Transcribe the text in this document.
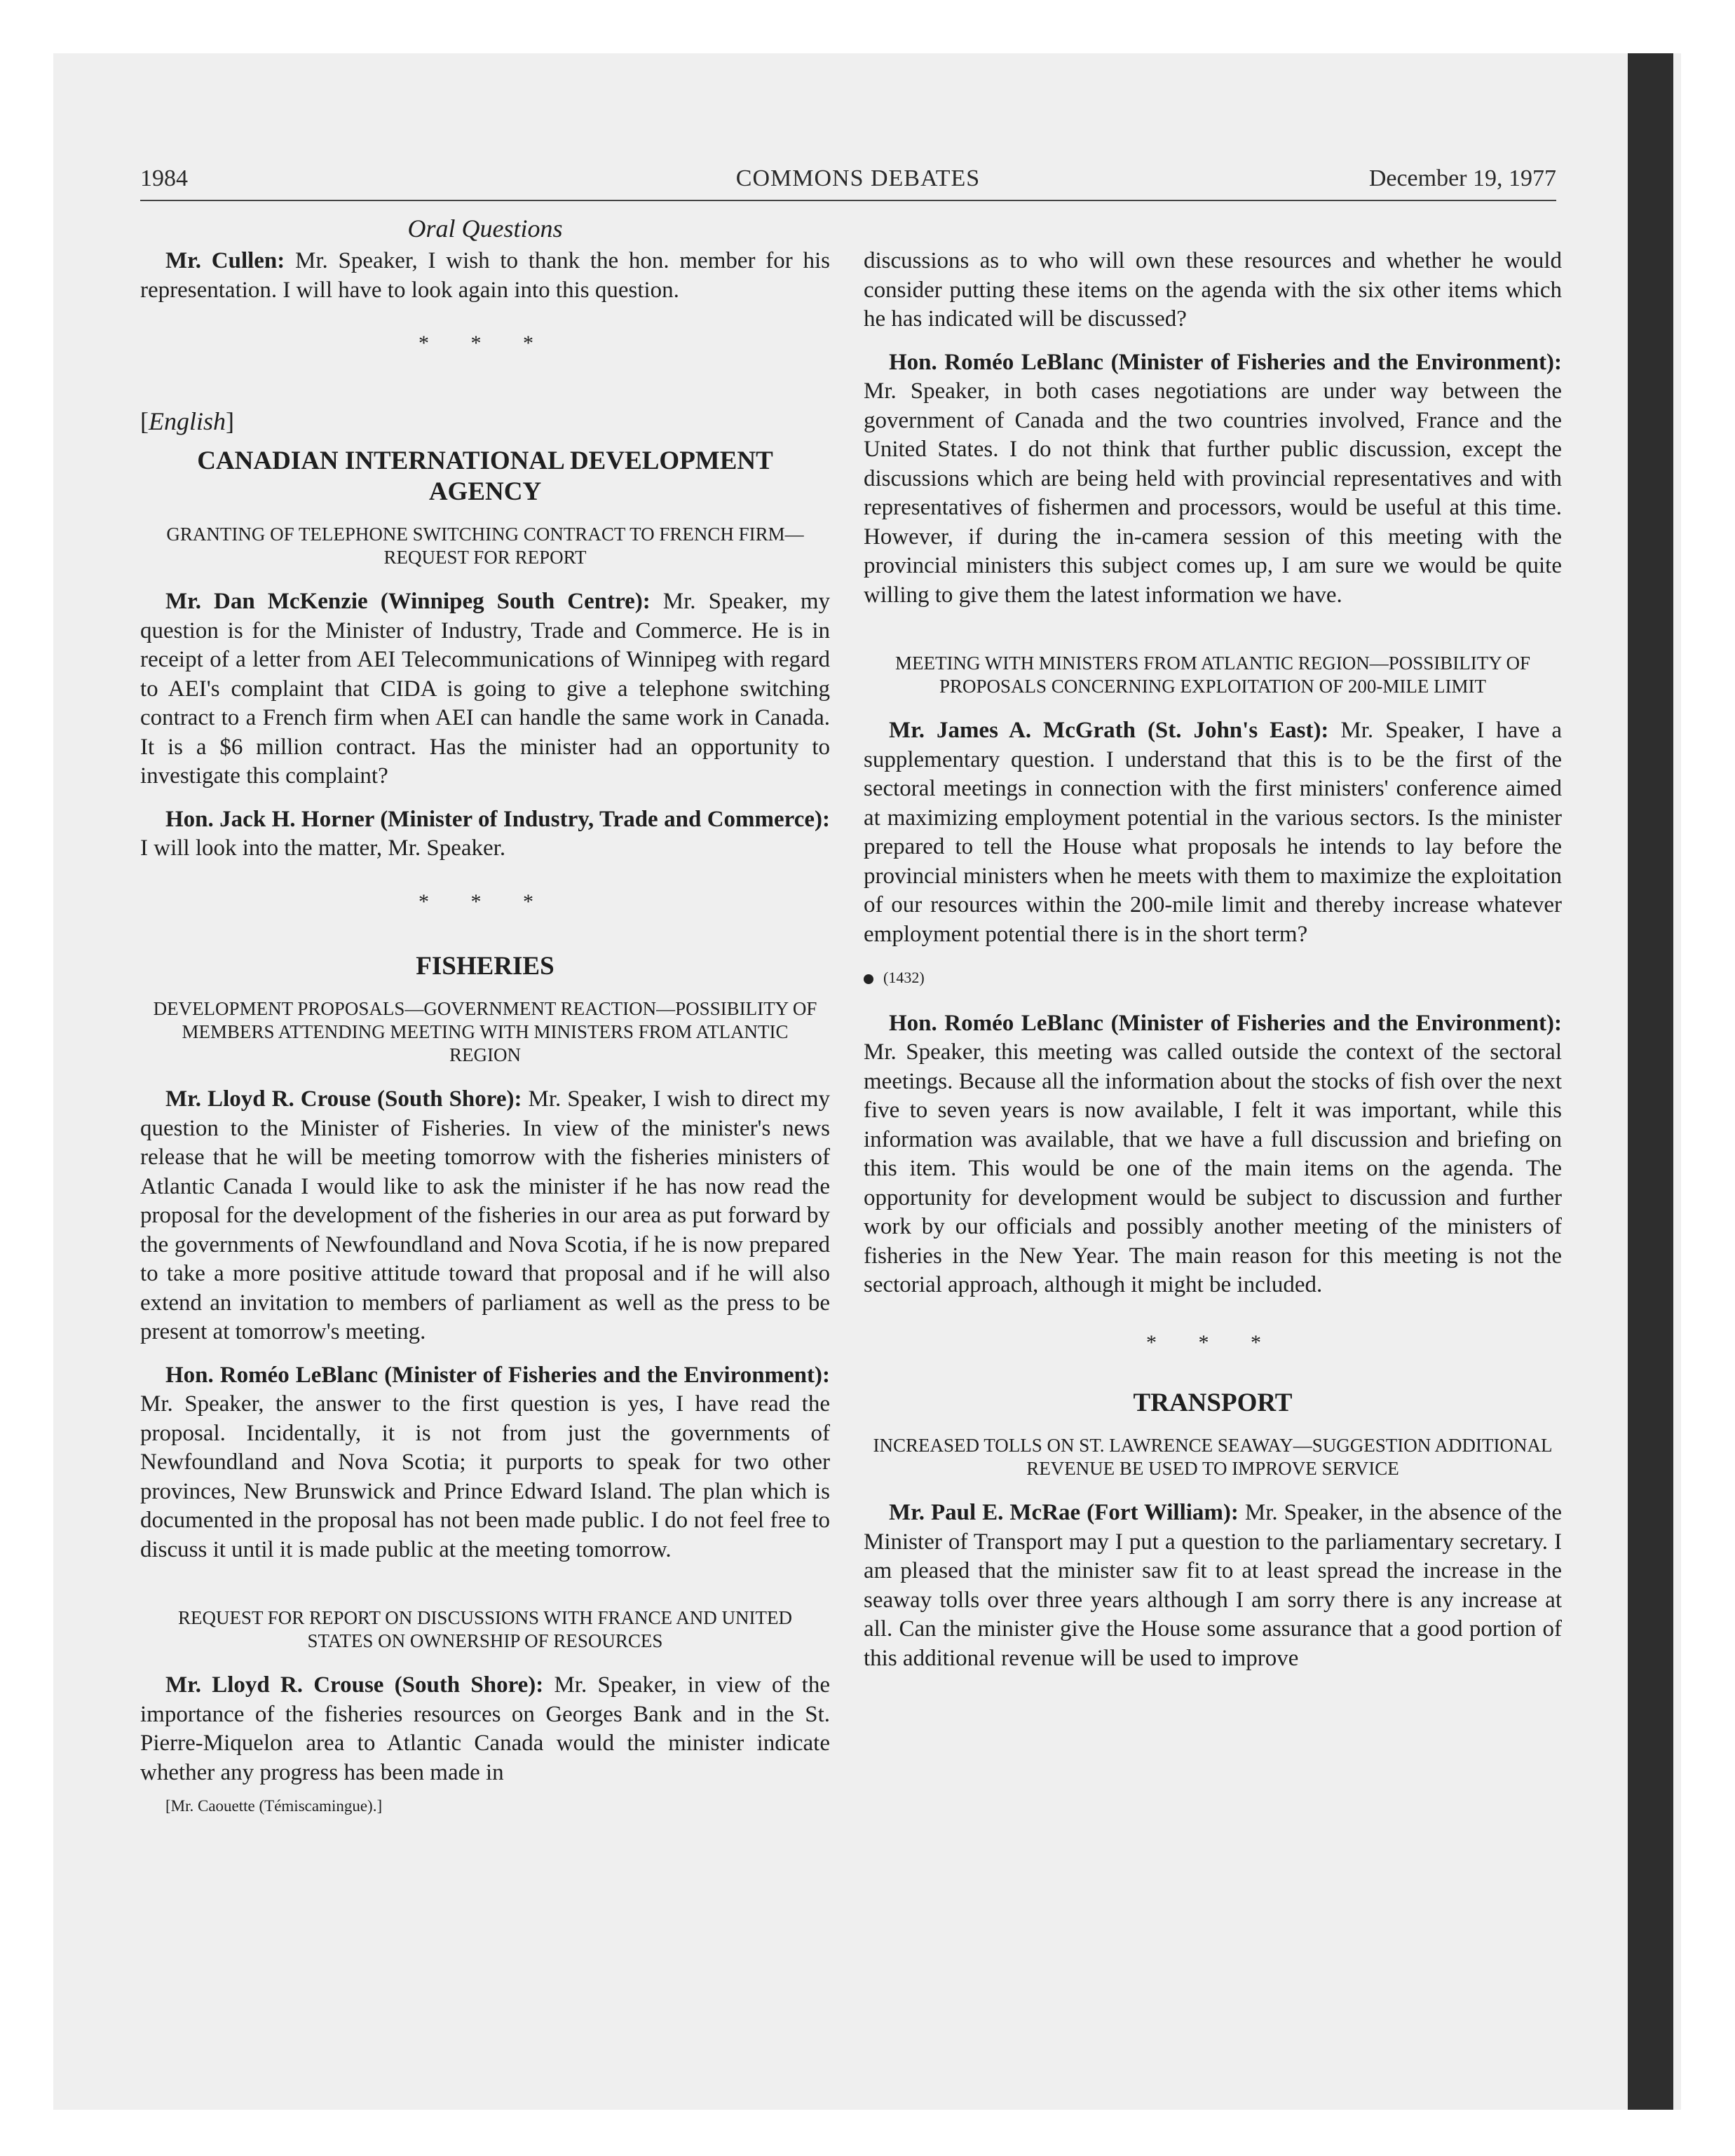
1984	COMMONS DEBATES	December 19, 1977
Oral Questions

Mr. Cullen: Mr. Speaker, I wish to thank the hon. member for his representation. I will have to look again into this question.

* * *
[English]
CANADIAN INTERNATIONAL DEVELOPMENT AGENCY
GRANTING OF TELEPHONE SWITCHING CONTRACT TO FRENCH FIRM—REQUEST FOR REPORT

Mr. Dan McKenzie (Winnipeg South Centre): Mr. Speaker, my question is for the Minister of Industry, Trade and Commerce. He is in receipt of a letter from AEI Telecommunications of Winnipeg with regard to AEI's complaint that CIDA is going to give a telephone switching contract to a French firm when AEI can handle the same work in Canada. It is a $6 million contract. Has the minister had an opportunity to investigate this complaint?

Hon. Jack H. Horner (Minister of Industry, Trade and Commerce): I will look into the matter, Mr. Speaker.

* * *
FISHERIES
DEVELOPMENT PROPOSALS—GOVERNMENT REACTION—POSSIBILITY OF MEMBERS ATTENDING MEETING WITH MINISTERS FROM ATLANTIC REGION

Mr. Lloyd R. Crouse (South Shore): Mr. Speaker, I wish to direct my question to the Minister of Fisheries. In view of the minister's news release that he will be meeting tomorrow with the fisheries ministers of Atlantic Canada I would like to ask the minister if he has now read the proposal for the development of the fisheries in our area as put forward by the governments of Newfoundland and Nova Scotia, if he is now prepared to take a more positive attitude toward that proposal and if he will also extend an invitation to members of parliament as well as the press to be present at tomorrow's meeting.

Hon. Roméo LeBlanc (Minister of Fisheries and the Environment): Mr. Speaker, the answer to the first question is yes, I have read the proposal. Incidentally, it is not from just the governments of Newfoundland and Nova Scotia; it purports to speak for two other provinces, New Brunswick and Prince Edward Island. The plan which is documented in the proposal has not been made public. I do not feel free to discuss it until it is made public at the meeting tomorrow.

REQUEST FOR REPORT ON DISCUSSIONS WITH FRANCE AND UNITED STATES ON OWNERSHIP OF RESOURCES

Mr. Lloyd R. Crouse (South Shore): Mr. Speaker, in view of the importance of the fisheries resources on Georges Bank and in the St. Pierre-Miquelon area to Atlantic Canada would the minister indicate whether any progress has been made in

[Mr. Caouette (Témiscamingue).]

discussions as to who will own these resources and whether he would consider putting these items on the agenda with the six other items which he has indicated will be discussed?

Hon. Roméo LeBlanc (Minister of Fisheries and the Environment): Mr. Speaker, in both cases negotiations are under way between the government of Canada and the two countries involved, France and the United States. I do not think that further public discussion, except the discussions which are being held with provincial representatives and with representatives of fishermen and processors, would be useful at this time. However, if during the in-camera session of this meeting with the provincial ministers this subject comes up, I am sure we would be quite willing to give them the latest information we have.

MEETING WITH MINISTERS FROM ATLANTIC REGION—POSSIBILITY OF PROPOSALS CONCERNING EXPLOITATION OF 200-MILE LIMIT

Mr. James A. McGrath (St. John's East): Mr. Speaker, I have a supplementary question. I understand that this is to be the first of the sectoral meetings in connection with the first ministers' conference aimed at maximizing employment potential in the various sectors. Is the minister prepared to tell the House what proposals he intends to lay before the provincial ministers when he meets with them to maximize the exploitation of our resources within the 200-mile limit and thereby increase whatever employment potential there is in the short term?

(1432)

Hon. Roméo LeBlanc (Minister of Fisheries and the Environment): Mr. Speaker, this meeting was called outside the context of the sectoral meetings. Because all the information about the stocks of fish over the next five to seven years is now available, I felt it was important, while this information was available, that we have a full discussion and briefing on this item. This would be one of the main items on the agenda. The opportunity for development would be subject to discussion and further work by our officials and possibly another meeting of the ministers of fisheries in the New Year. The main reason for this meeting is not the sectorial approach, although it might be included.

* * *
TRANSPORT
INCREASED TOLLS ON ST. LAWRENCE SEAWAY—SUGGESTION ADDITIONAL REVENUE BE USED TO IMPROVE SERVICE

Mr. Paul E. McRae (Fort William): Mr. Speaker, in the absence of the Minister of Transport may I put a question to the parliamentary secretary. I am pleased that the minister saw fit to at least spread the increase in the seaway tolls over three years although I am sorry there is any increase at all. Can the minister give the House some assurance that a good portion of this additional revenue will be used to improve
